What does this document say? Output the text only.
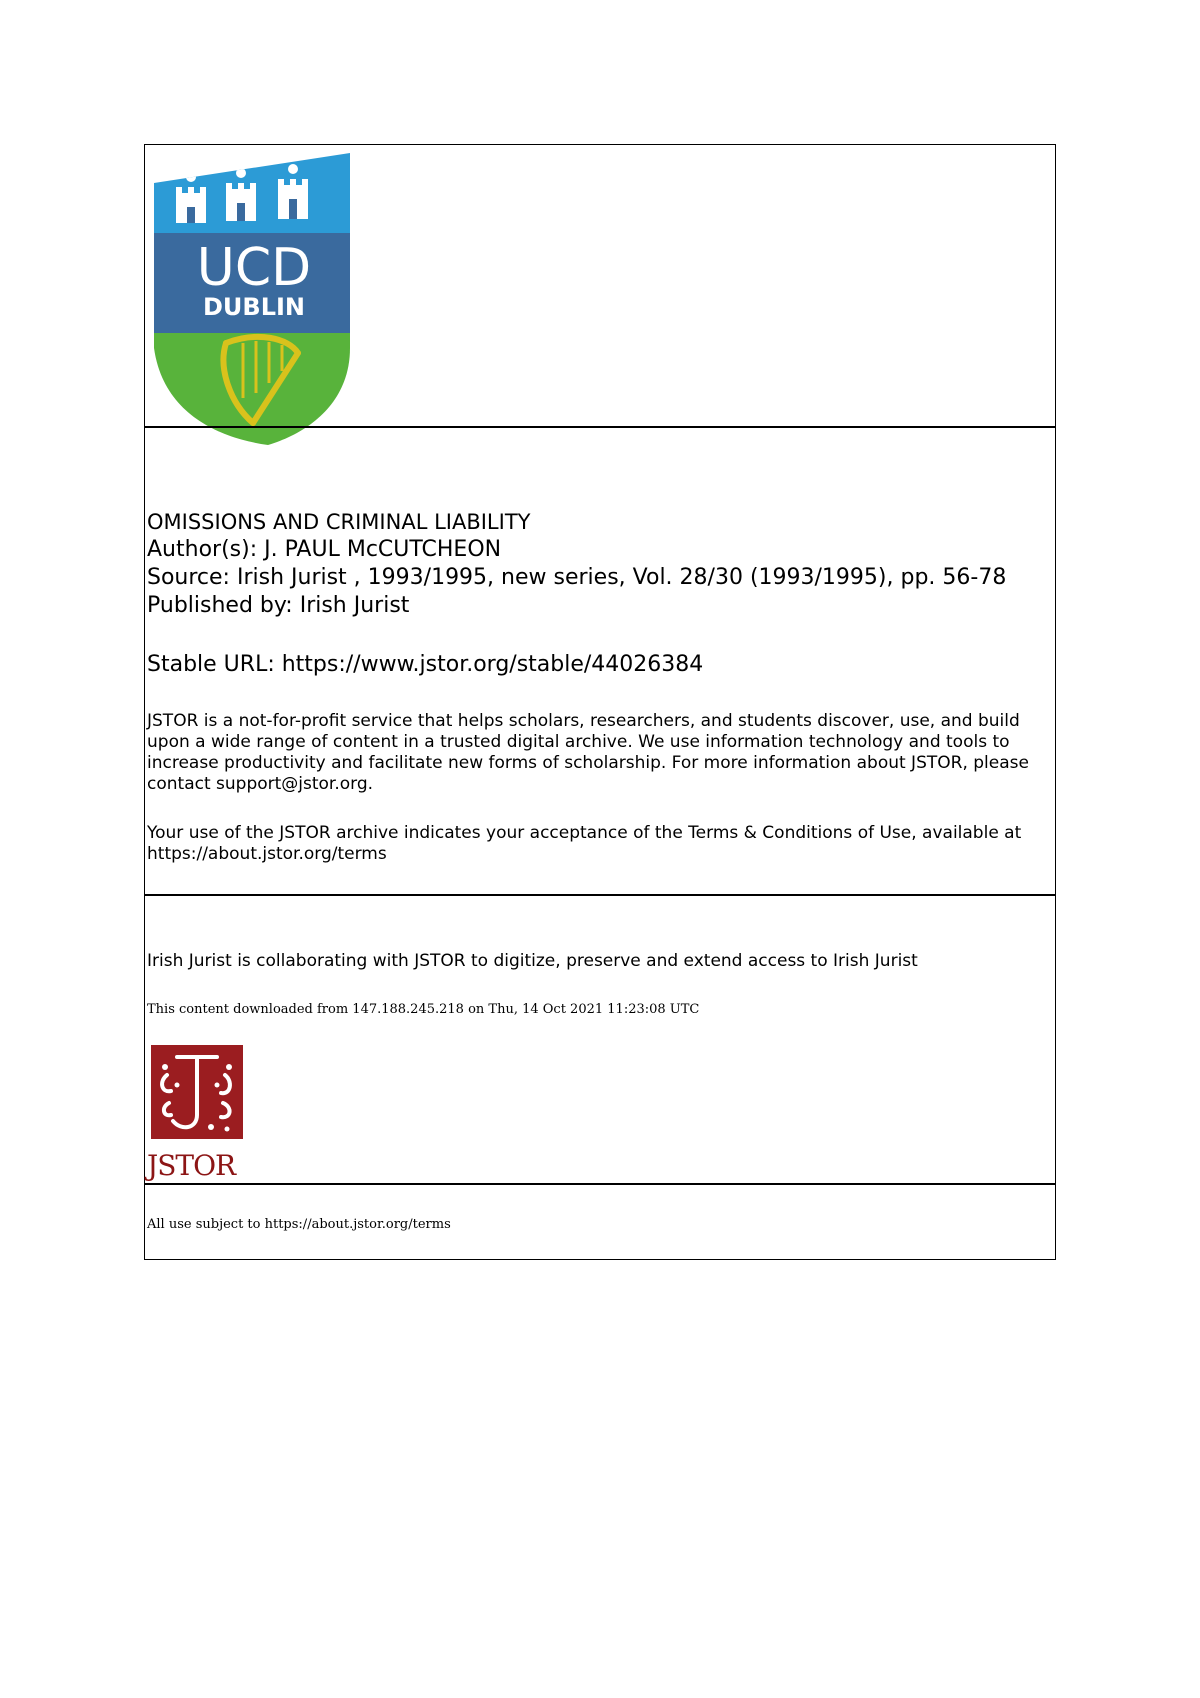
UCD
DUBLIN
OMISSIONS AND CRIMINAL LIABILITY
Author(s): J. PAUL McCUTCHEON
Source: Irish Jurist , 1993/1995, new series, Vol. 28/30 (1993/1995), pp. 56-78 Published by: Irish Jurist
Stable URL: https://www.jstor.org/stable/44026384
JSTOR is a not-for-profit service that helps scholars, researchers, and students discover, use, and build upon a wide range of content in a trusted digital archive. We use information technology and tools to increase productivity and facilitate new forms of scholarship. For more information about JSTOR, please contact support@jstor.org.
Your use of the JSTOR archive indicates your acceptance of the Terms & Conditions of Use, available at https://about.jstor.org/terms
Irish Jurist is collaborating with JSTOR to digitize, preserve and extend access to Irish Jurist
This content downloaded from 147.188.245.218 on Thu, 14 Oct 2021 11:23:08 UTC
JSTOR
All use subject to https://about.jstor.org/terms
